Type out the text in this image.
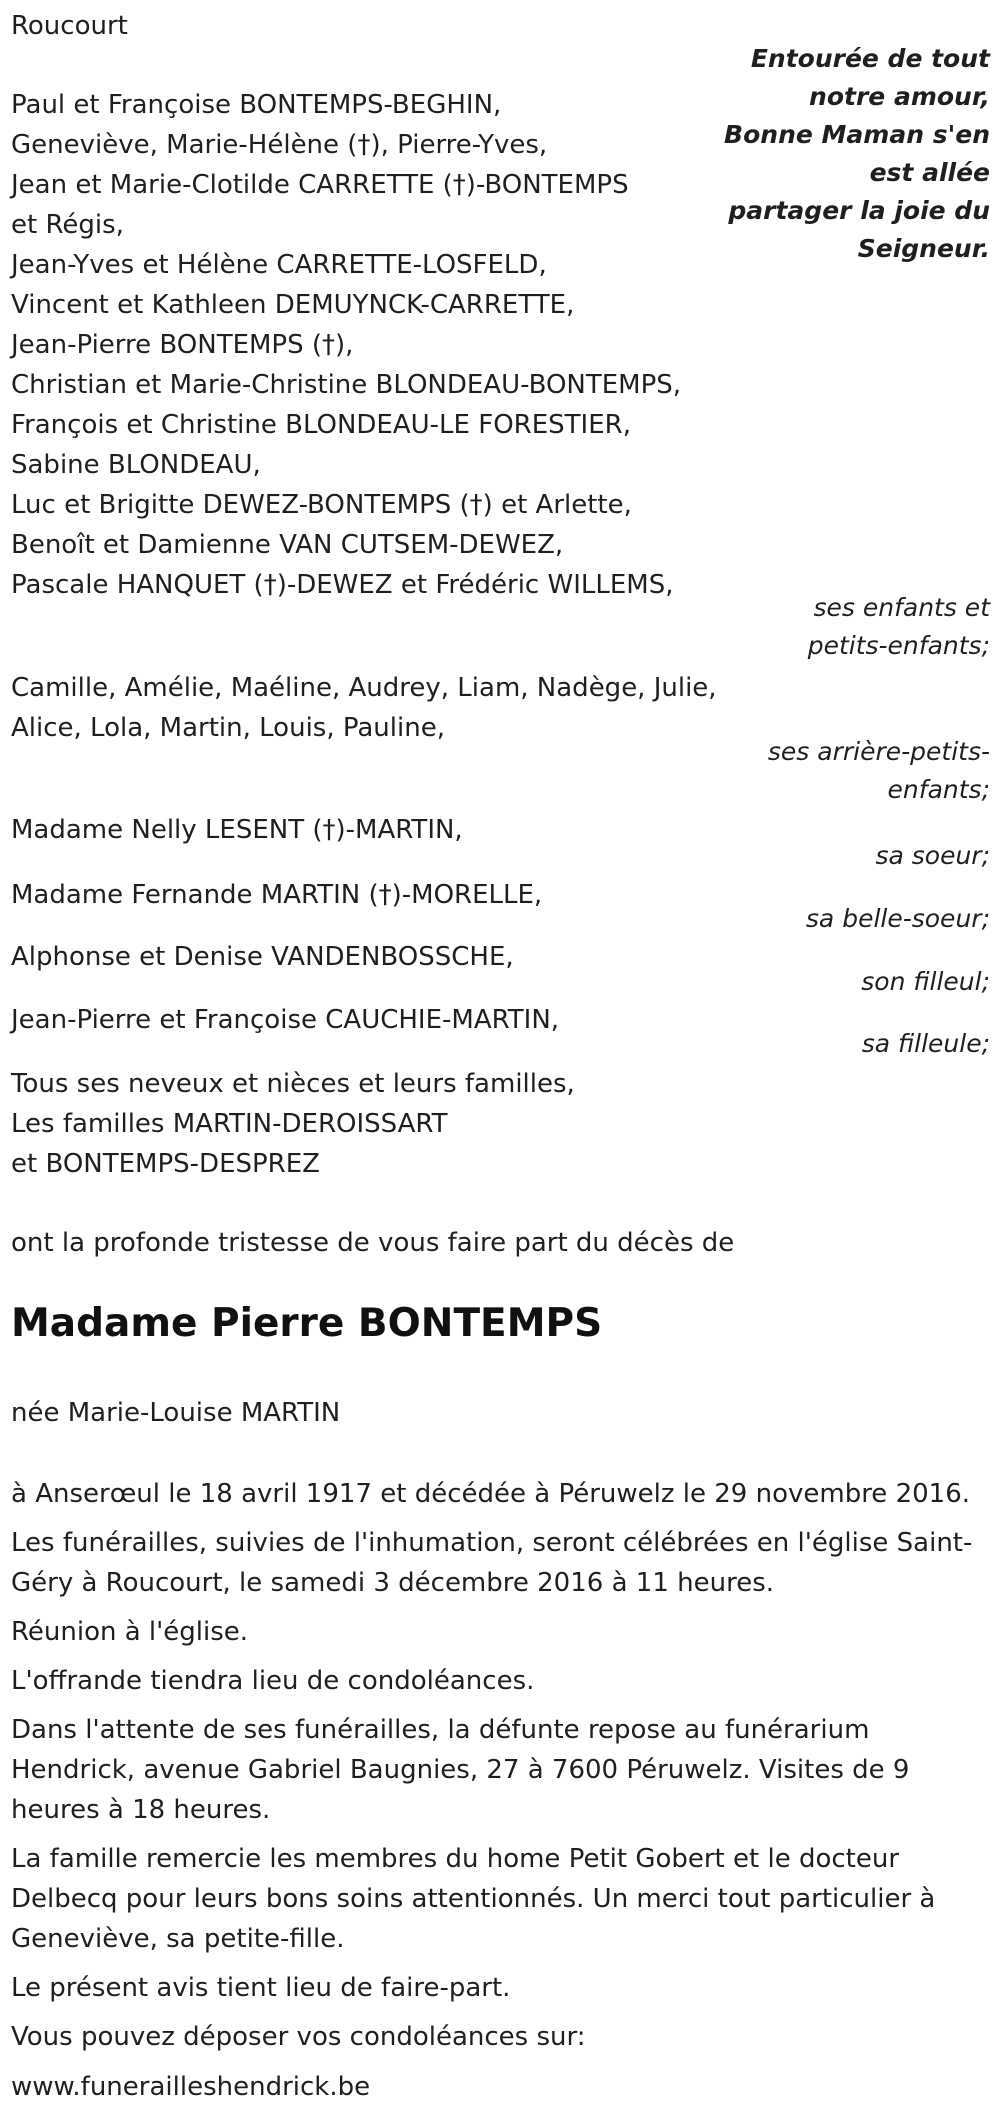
Roucourt
Entourée de tout
notre amour,
Bonne Maman s'en
est allée
partager la joie du
Seigneur.
Paul et Françoise BONTEMPS-BEGHIN,
Geneviève, Marie-Hélène (†), Pierre-Yves,
Jean et Marie-Clotilde CARRETTE (†)-BONTEMPS
et Régis,
Jean-Yves et Hélène CARRETTE-LOSFELD,
Vincent et Kathleen DEMUYNCK-CARRETTE,
Jean-Pierre BONTEMPS (†),
Christian et Marie-Christine BLONDEAU-BONTEMPS,
François et Christine BLONDEAU-LE FORESTIER,
Sabine BLONDEAU,
Luc et Brigitte DEWEZ-BONTEMPS (†) et Arlette,
Benoît et Damienne VAN CUTSEM-DEWEZ,
Pascale HANQUET (†)-DEWEZ et Frédéric WILLEMS,
ses enfants et
petits-enfants;
Camille, Amélie, Maéline, Audrey, Liam, Nadège, Julie,
Alice, Lola, Martin, Louis, Pauline,
ses arrière-petits-
enfants;
Madame Nelly LESENT (†)-MARTIN,
sa soeur;
Madame Fernande MARTIN (†)-MORELLE,
sa belle-soeur;
Alphonse et Denise VANDENBOSSCHE,
son filleul;
Jean-Pierre et Françoise CAUCHIE-MARTIN,
sa filleule;
Tous ses neveux et nièces et leurs familles,
Les familles MARTIN-DEROISSART
et BONTEMPS-DESPREZ
ont la profonde tristesse de vous faire part du décès de
Madame Pierre BONTEMPS
née Marie-Louise MARTIN
à Anserœul le 18 avril 1917 et décédée à Péruwelz le 29 novembre 2016.
Les funérailles, suivies de l'inhumation, seront célébrées en l'église Saint-Géry à Roucourt, le samedi 3 décembre 2016 à 11 heures.
Réunion à l'église.
L'offrande tiendra lieu de condoléances.
Dans l'attente de ses funérailles, la défunte repose au funérarium Hendrick, avenue Gabriel Baugnies, 27 à 7600 Péruwelz. Visites de 9 heures à 18 heures.
La famille remercie les membres du home Petit Gobert et le docteur Delbecq pour leurs bons soins attentionnés. Un merci tout particulier à Geneviève, sa petite-fille.
Le présent avis tient lieu de faire-part.
Vous pouvez déposer vos condoléances sur:
www.funerailleshendrick.be
